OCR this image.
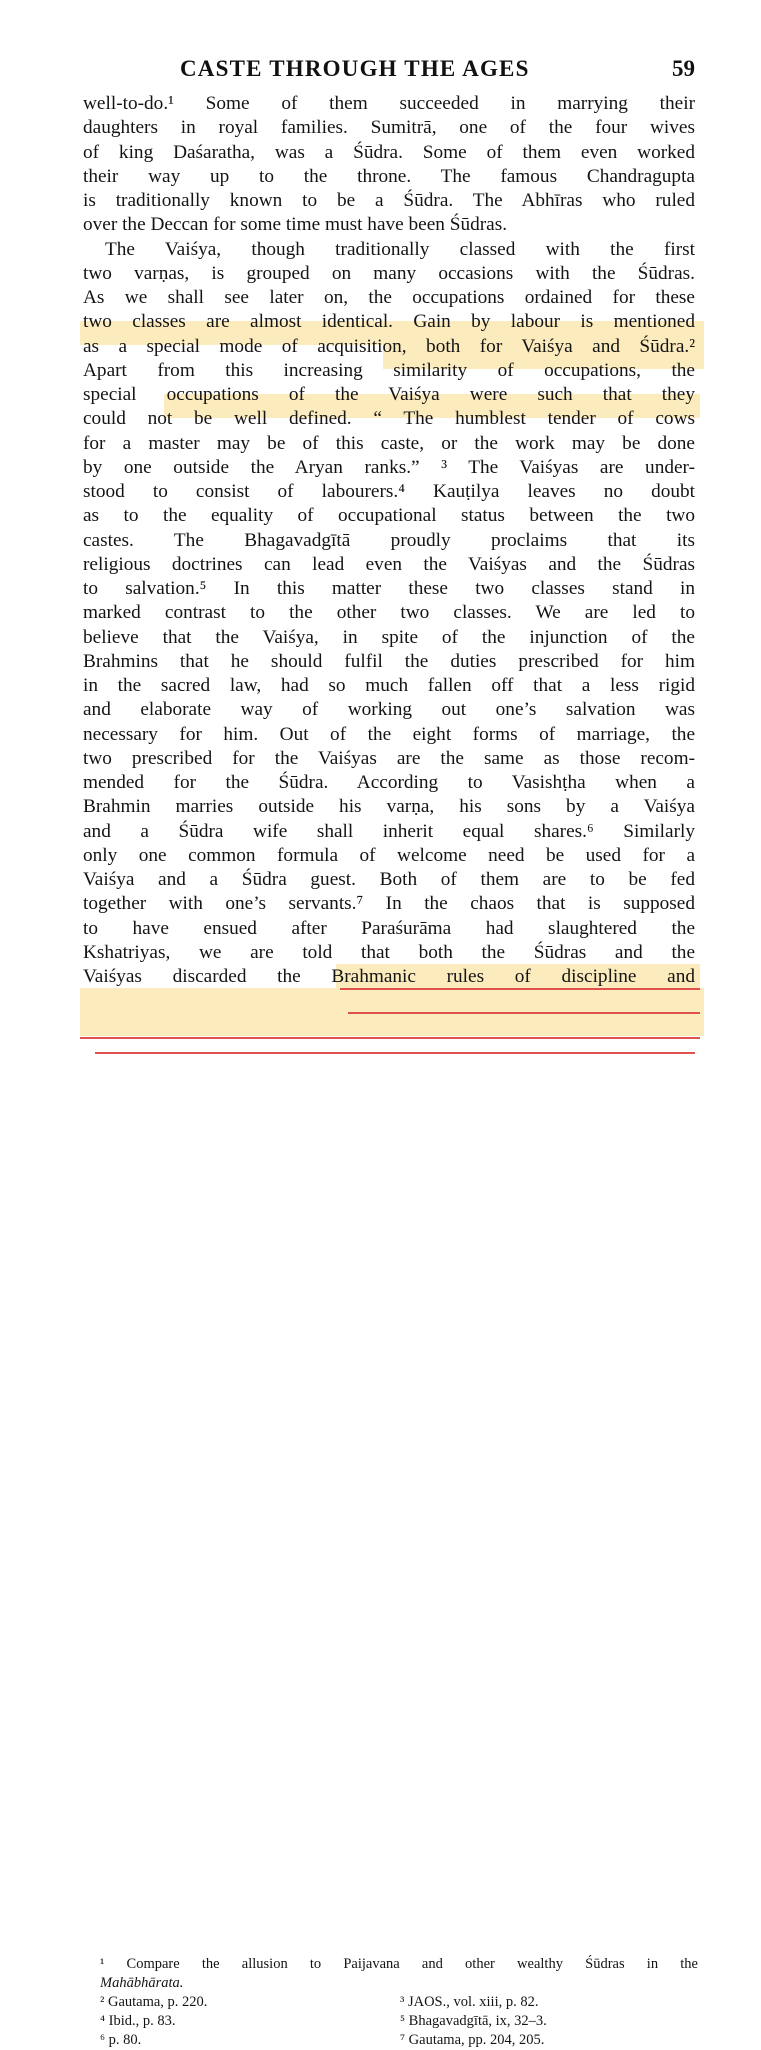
CASTE THROUGH THE AGES	59
well-to-do.¹ Some of them succeeded in marrying their
daughters in royal families. Sumitrā, one of the four wives
of king Daśaratha, was a Śūdra. Some of them even worked
their way up to the throne. The famous Chandragupta
is traditionally known to be a Śūdra. The Abhīras who ruled
over the Deccan for some time must have been Śūdras.
The Vaiśya, though traditionally classed with the first
two varṇas, is grouped on many occasions with the Śūdras.
As we shall see later on, the occupations ordained for these
two classes are almost identical. Gain by labour is mentioned
as a special mode of acquisition, both for Vaiśya and Śūdra.²
Apart from this increasing similarity of occupations, the
special occupations of the Vaiśya were such that they
could not be well defined. “ The humblest tender of cows
for a master may be of this caste, or the work may be done
by one outside the Aryan ranks.” ³ The Vaiśyas are under-
stood to consist of labourers.⁴ Kauṭilya leaves no doubt
as to the equality of occupational status between the two
castes. The Bhagavadgītā proudly proclaims that its
religious doctrines can lead even the Vaiśyas and the Śūdras
to salvation.⁵ In this matter these two classes stand in
marked contrast to the other two classes. We are led to
believe that the Vaiśya, in spite of the injunction of the
Brahmins that he should fulfil the duties prescribed for him
in the sacred law, had so much fallen off that a less rigid
and elaborate way of working out one’s salvation was
necessary for him. Out of the eight forms of marriage, the
two prescribed for the Vaiśyas are the same as those recom-
mended for the Śūdra. According to Vasishṭha when a
Brahmin marries outside his varṇa, his sons by a Vaiśya
and a Śūdra wife shall inherit equal shares.⁶ Similarly
only one common formula of welcome need be used for a
Vaiśya and a Śūdra guest. Both of them are to be fed
together with one’s servants.⁷ In the chaos that is supposed
to have ensued after Paraśurāma had slaughtered the
Kshatriyas, we are told that both the Śūdras and the
Vaiśyas discarded the Brahmanic rules of discipline and
¹ Compare the allusion to Paijavana and other wealthy Śūdras in the
Mahābhārata.
² Gautama, p. 220.	³ JAOS., vol. xiii, p. 82.
⁴ Ibid., p. 83.	⁵ Bhagavadgītā, ix, 32–3.
⁶ p. 80.	⁷ Gautama, pp. 204, 205.
